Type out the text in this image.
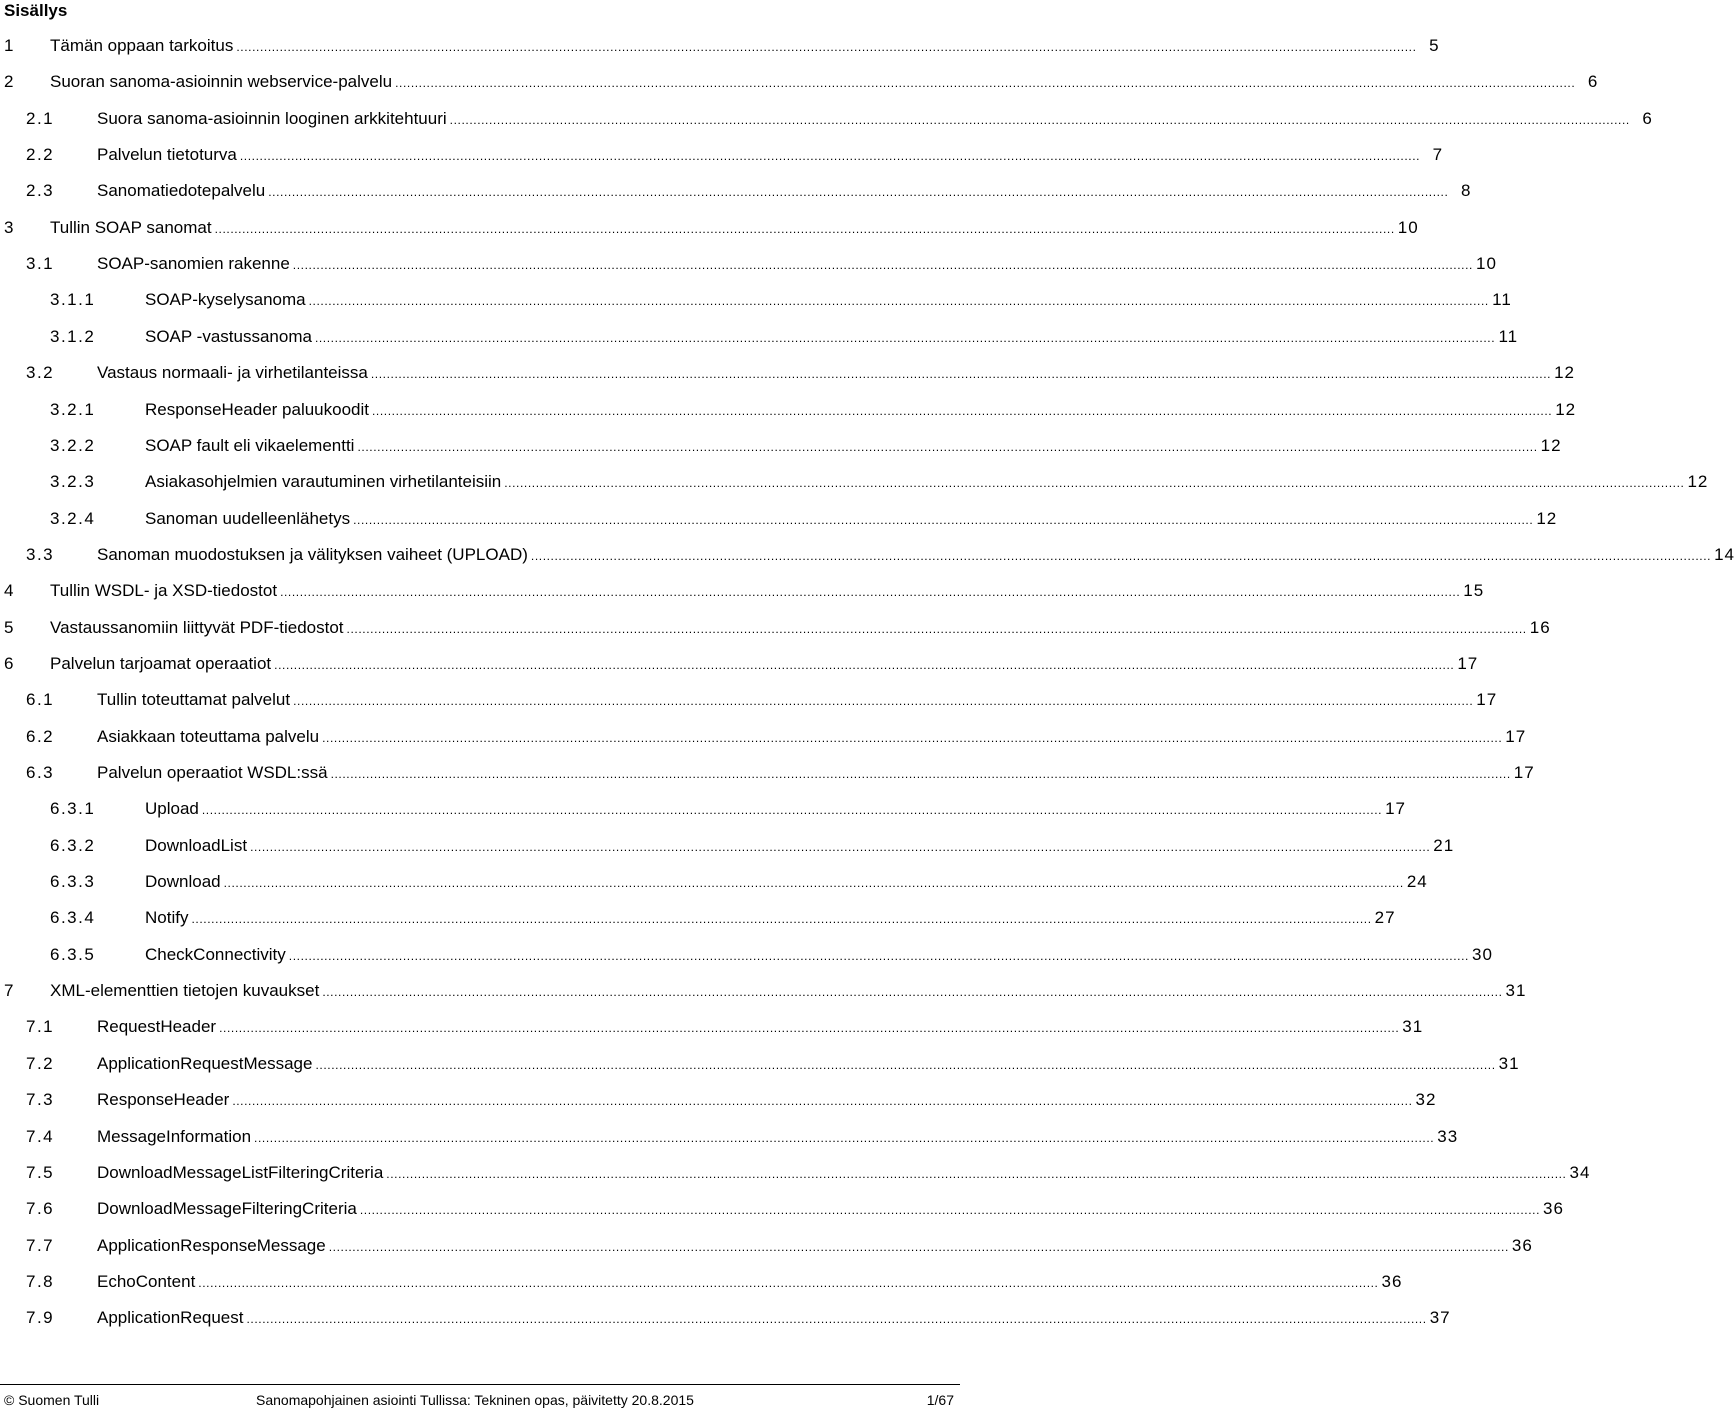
Sisällys
1 Tämän oppaan tarkoitus ............................................................................................................................................................................................................................................................................................................ 5
2 Suoran sanoma-asioinnin webservice-palvelu ............................................................................................................................................................................................................................................................................................................ 6
2.1	Suora sanoma-asioinnin looginen arkkitehtuuri ............................................................................................................................................................................................................................................................................................................ 6
2.2	Palvelun tietoturva ............................................................................................................................................................................................................................................................................................................ 7
2.3	Sanomatiedotepalvelu ............................................................................................................................................................................................................................................................................................................ 8
3 Tullin SOAP sanomat ............................................................................................................................................................................................................................................................................................................ 10
3.1	SOAP-sanomien rakenne ............................................................................................................................................................................................................................................................................................................ 10
3.1.1	SOAP-kyselysanoma ............................................................................................................................................................................................................................................................................................................ 11
3.1.2	SOAP -vastussanoma ............................................................................................................................................................................................................................................................................................................ 11
3.2	Vastaus normaali- ja virhetilanteissa ............................................................................................................................................................................................................................................................................................................ 12
3.2.1	ResponseHeader paluukoodit ............................................................................................................................................................................................................................................................................................................ 12
3.2.2	SOAP fault eli vikaelementti ............................................................................................................................................................................................................................................................................................................ 12
3.2.3	Asiakasohjelmien varautuminen virhetilanteisiin ............................................................................................................................................................................................................................................................................................................ 12
3.2.4	Sanoman uudelleenlähetys ............................................................................................................................................................................................................................................................................................................ 12
3.3	Sanoman muodostuksen ja välityksen vaiheet (UPLOAD) ............................................................................................................................................................................................................................................................................................................ 14
4 Tullin WSDL- ja XSD-tiedostot ............................................................................................................................................................................................................................................................................................................ 15
5 Vastaussanomiin liittyvät PDF-tiedostot ............................................................................................................................................................................................................................................................................................................ 16
6 Palvelun tarjoamat operaatiot ............................................................................................................................................................................................................................................................................................................ 17
6.1	Tullin toteuttamat palvelut ............................................................................................................................................................................................................................................................................................................ 17
6.2	Asiakkaan toteuttama palvelu ............................................................................................................................................................................................................................................................................................................ 17
6.3	Palvelun operaatiot WSDL:ssä ............................................................................................................................................................................................................................................................................................................ 17
6.3.1	Upload ............................................................................................................................................................................................................................................................................................................ 17
6.3.2	DownloadList ............................................................................................................................................................................................................................................................................................................ 21
6.3.3	Download ............................................................................................................................................................................................................................................................................................................ 24
6.3.4	Notify ............................................................................................................................................................................................................................................................................................................ 27
6.3.5	CheckConnectivity ............................................................................................................................................................................................................................................................................................................ 30
7 XML-elementtien tietojen kuvaukset ............................................................................................................................................................................................................................................................................................................ 31
7.1	RequestHeader ............................................................................................................................................................................................................................................................................................................ 31
7.2	ApplicationRequestMessage ............................................................................................................................................................................................................................................................................................................ 31
7.3	ResponseHeader ............................................................................................................................................................................................................................................................................................................ 32
7.4	MessageInformation ............................................................................................................................................................................................................................................................................................................ 33
7.5	DownloadMessageListFilteringCriteria ............................................................................................................................................................................................................................................................................................................ 34
7.6	DownloadMessageFilteringCriteria ............................................................................................................................................................................................................................................................................................................ 36
7.7	ApplicationResponseMessage ............................................................................................................................................................................................................................................................................................................ 36
7.8	EchoContent ............................................................................................................................................................................................................................................................................................................ 36
7.9	ApplicationRequest ............................................................................................................................................................................................................................................................................................................ 37
© Suomen Tulli	Sanomapohjainen asiointi Tullissa: Tekninen opas, päivitetty 20.8.2015	1/67
